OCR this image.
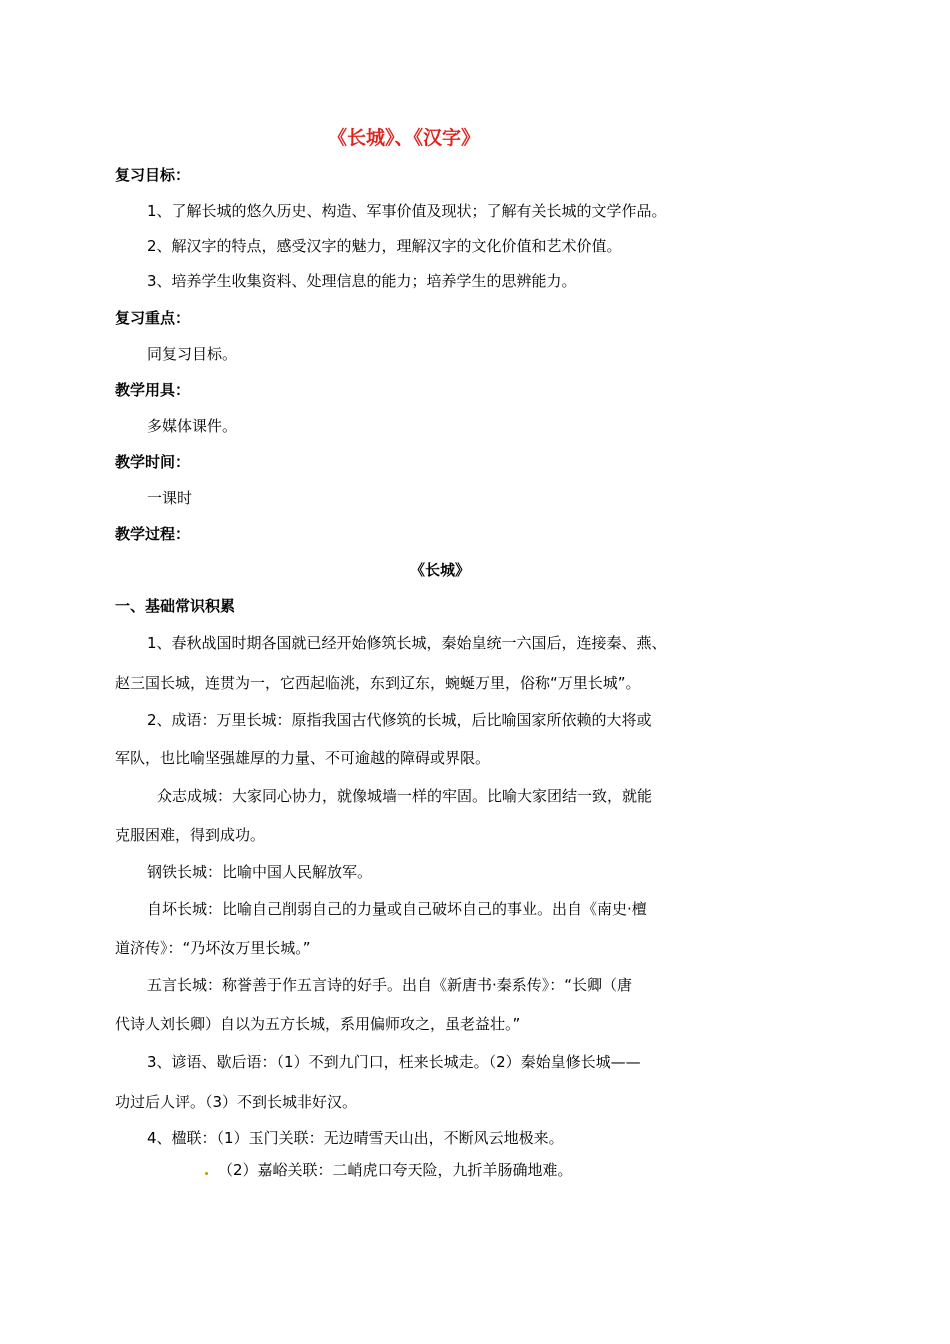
《长城》、《汉字》
复习目标：
1、了解长城的悠久历史、构造、军事价值及现状；了解有关长城的文学作品。
2、解汉字的特点，感受汉字的魅力，理解汉字的文化价值和艺术价值。
3、培养学生收集资料、处理信息的能力；培养学生的思辨能力。
复习重点：
同复习目标。
教学用具：
多媒体课件。
教学时间：
一课时
教学过程：
《长城》
一、基础常识积累
1、春秋战国时期各国就已经开始修筑长城，秦始皇统一六国后，连接秦、燕、
赵三国长城，连贯为一，它西起临洮，东到辽东，蜿蜒万里，俗称“万里长城”。
2、成语：万里长城：原指我国古代修筑的长城，后比喻国家所依赖的大将或
军队，也比喻坚强雄厚的力量、不可逾越的障碍或界限。
众志成城：大家同心协力，就像城墙一样的牢固。比喻大家团结一致，就能
克服困难，得到成功。
钢铁长城：比喻中国人民解放军。
自坏长城：比喻自己削弱自己的力量或自己破坏自己的事业。出自《南史·檀
道济传》：“乃坏汝万里长城。”
五言长城：称誉善于作五言诗的好手。出自《新唐书·秦系传》：“长卿（唐
代诗人刘长卿）自以为五方长城，系用偏师攻之，虽老益壮。”
3、谚语、歇后语：（1）不到九门口，枉来长城走。（2）秦始皇修长城——
功过后人评。（3）不到长城非好汉。
4、楹联：（1）玉门关联：无边晴雪天山出，不断风云地极来。
（2）嘉峪关联：二峭虎口夸天险，九折羊肠确地难。
